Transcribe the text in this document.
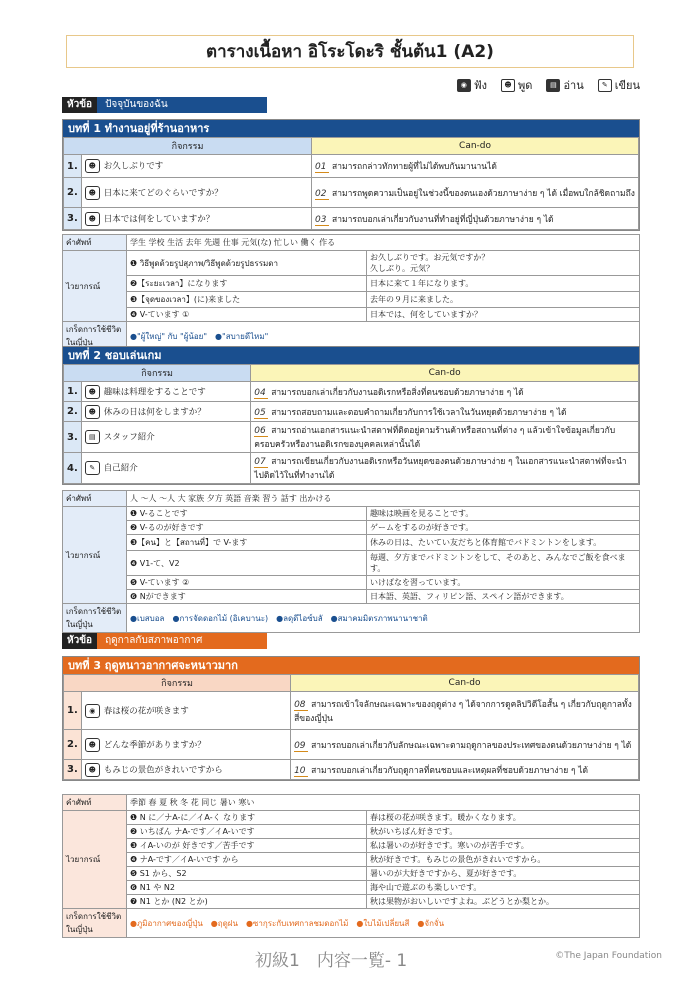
ตารางเนื้อหา อิโระโดะริ ชั้นต้น1 (A2)
◉ ฟัง	☻ พูด	▤ อ่าน	✎ เขียน
หัวข้อ	ปัจจุบันของฉัน
บทที่ 1 ทำงานอยู่ที่ร้านอาหาร
กิจกรรม		Can-do
1.	☻ お久しぶりです	01 สามารถกล่าวทักทายผู้ที่ไม่ได้พบกันมานานได้
2.	☻ 日本に来てどのぐらいですか？	02 สามารถพูดความเป็นอยู่ในช่วงนี้ของตนเองด้วยภาษาง่าย ๆ ได้ เมื่อพบใกล้ชิดถามถึง
3.	☻ 日本では何をしていますか？	03 สามารถบอกเล่าเกี่ยวกับงานที่ทำอยู่ที่ญี่ปุ่นด้วยภาษาง่าย ๆ ได้
คำศัพท์	学生 学校 生活 去年 先週 仕事 元気(な) 忙しい 働く 作る	
ไวยากรณ์	❶ วิธีพูดด้วยรูปสุภาพ/วิธีพูดด้วยรูปธรรมดา	お久しぶりです。お元気ですか？
久しぶり。元気？

	❷【ระยะเวลา】になります	日本に来て１年になります。
	❸【จุดของเวลา】(に)来ました	去年の９月に来ました。
	❹ V-ています ①	日本では、何をしていますか？
เกร็ดการใช้ชีวิตในญี่ปุ่น	●"ผู้ใหญ่" กับ "ผู้น้อย"　●"สบายดีไหม"	
บทที่ 2 ชอบเล่นเกม
กิจกรรม		Can-do
1.	☻ 趣味は料理をすることです	04 สามารถบอกเล่าเกี่ยวกับงานอดิเรกหรือสิ่งที่ตนชอบด้วยภาษาง่าย ๆ ได้
2.	☻ 休みの日は何をしますか？	05 สามารถสอบถามและตอบคำถามเกี่ยวกับการใช้เวลาในวันหยุดด้วยภาษาง่าย ๆ ได้
3.	▤ スタッフ紹介	06 สามารถอ่านเอกสารแนะนำสตาฟที่ติดอยู่ตามร้านค้าหรือสถานที่ต่าง ๆ แล้วเข้าใจข้อมูลเกี่ยวกับครอบครัวหรืองานอดิเรกของบุคคลเหล่านั้นได้
4.	✎ 自己紹介	07 สามารถเขียนเกี่ยวกับงานอดิเรกหรือวันหยุดของตนด้วยภาษาง่าย ๆ ในเอกสารแนะนำสตาฟที่จะนำไปติดไว้ในที่ทำงานได้
คำศัพท์	人 ～人 ～人 大 家族 夕方 英語 音楽 習う 話す 出かける	
ไวยากรณ์	❶ V-ることです	趣味は映画を見ることです。
	❷ V-るのが好きです	ゲームをするのが好きです。
	❸【คน】と【สถานที่】で V-ます	休みの日は、たいてい友だちと体育館でバドミントンをします。
	❹ V1-て、V2	毎週、夕方までバドミントンをして、そのあと、みんなでご飯を食べます。
	❺ V-ています ②	いけばなを習っています。
	❻ Nができます	日本語、英語、フィリピン語、スペイン語ができます。
เกร็ดการใช้ชีวิตในญี่ปุ่น	●เบสบอล　●การจัดดอกไม้ (อิเคบานะ)　●ลดุดีไอซ์บลั　●สมาคมมิตรภาพนานาชาติ	
หัวข้อ	ฤดูกาลกับสภาพอากาศ
บทที่ 3 ฤดูหนาวอากาศจะหนาวมาก
กิจกรรม		Can-do
1.	◉ 春は桜の花が咲きます	08 สามารถเข้าใจลักษณะเฉพาะของฤดูต่าง ๆ ได้จากการดูคลิปวิดีโอสั้น ๆ เกี่ยวกับฤดูกาลทั้งสี่ของญี่ปุ่น
2.	☻ どんな季節がありますか？	09 สามารถบอกเล่าเกี่ยวกับลักษณะเฉพาะตามฤดูกาลของประเทศของตนด้วยภาษาง่าย ๆ ได้
3.	☻ もみじの景色がきれいですから	10 สามารถบอกเล่าเกี่ยวกับฤดูกาลที่ตนชอบและเหตุผลที่ชอบด้วยภาษาง่าย ๆ ได้
คำศัพท์	季節 春 夏 秋 冬 花 同じ 暑い 寒い	
ไวยากรณ์	❶ N に／ナA-に／イA-く なります	春は桜の花が咲きます。暖かくなります。
	❷ いちばん ナA-です／イA-いです	秋がいちばん好きです。
	❸ イA-いのが 好きです／苦手です	私は暑いのが好きです。寒いのが苦手です。
	❹ ナA-です／イA-いです から	秋が好きです。もみじの景色がきれいですから。
	❺ S1 から、S2	暑いのが大好きですから、夏が好きです。
	❻ N1 や N2	海や山で遊ぶのも楽しいです。
	❼ N1 とか (N2 とか)	秋は果物がおいしいですよね。ぶどうとか梨とか。
เกร็ดการใช้ชีวิตในญี่ปุ่น	●ภูมิอากาศของญี่ปุ่น　●ฤดูฝน　●ซากุระกับเทศกาลชมดอกไม้　●ใบไม้เปลี่ยนสี　●จักจั่น	
初級1　内容一覧- 1	©The Japan Foundation
